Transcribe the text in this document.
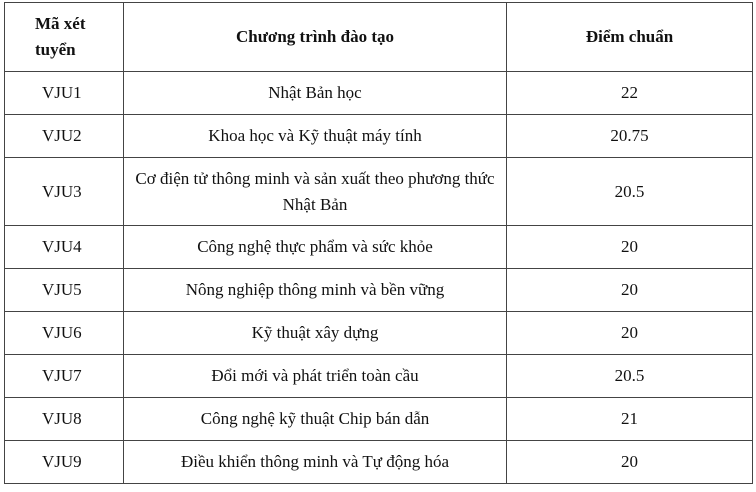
Mã xét tuyển	Chương trình đào tạo	Điểm chuẩn
VJU1	Nhật Bản học	22
VJU2	Khoa học và Kỹ thuật máy tính	20.75
VJU3	Cơ điện tử thông minh và sản xuất theo phương thức Nhật Bản	20.5
VJU4	Công nghệ thực phẩm và sức khỏe	20
VJU5	Nông nghiệp thông minh và bền vững	20
VJU6	Kỹ thuật xây dựng	20
VJU7	Đổi mới và phát triển toàn cầu	20.5
VJU8	Công nghệ kỹ thuật Chip bán dẫn	21
VJU9	Điều khiển thông minh và Tự động hóa	20
